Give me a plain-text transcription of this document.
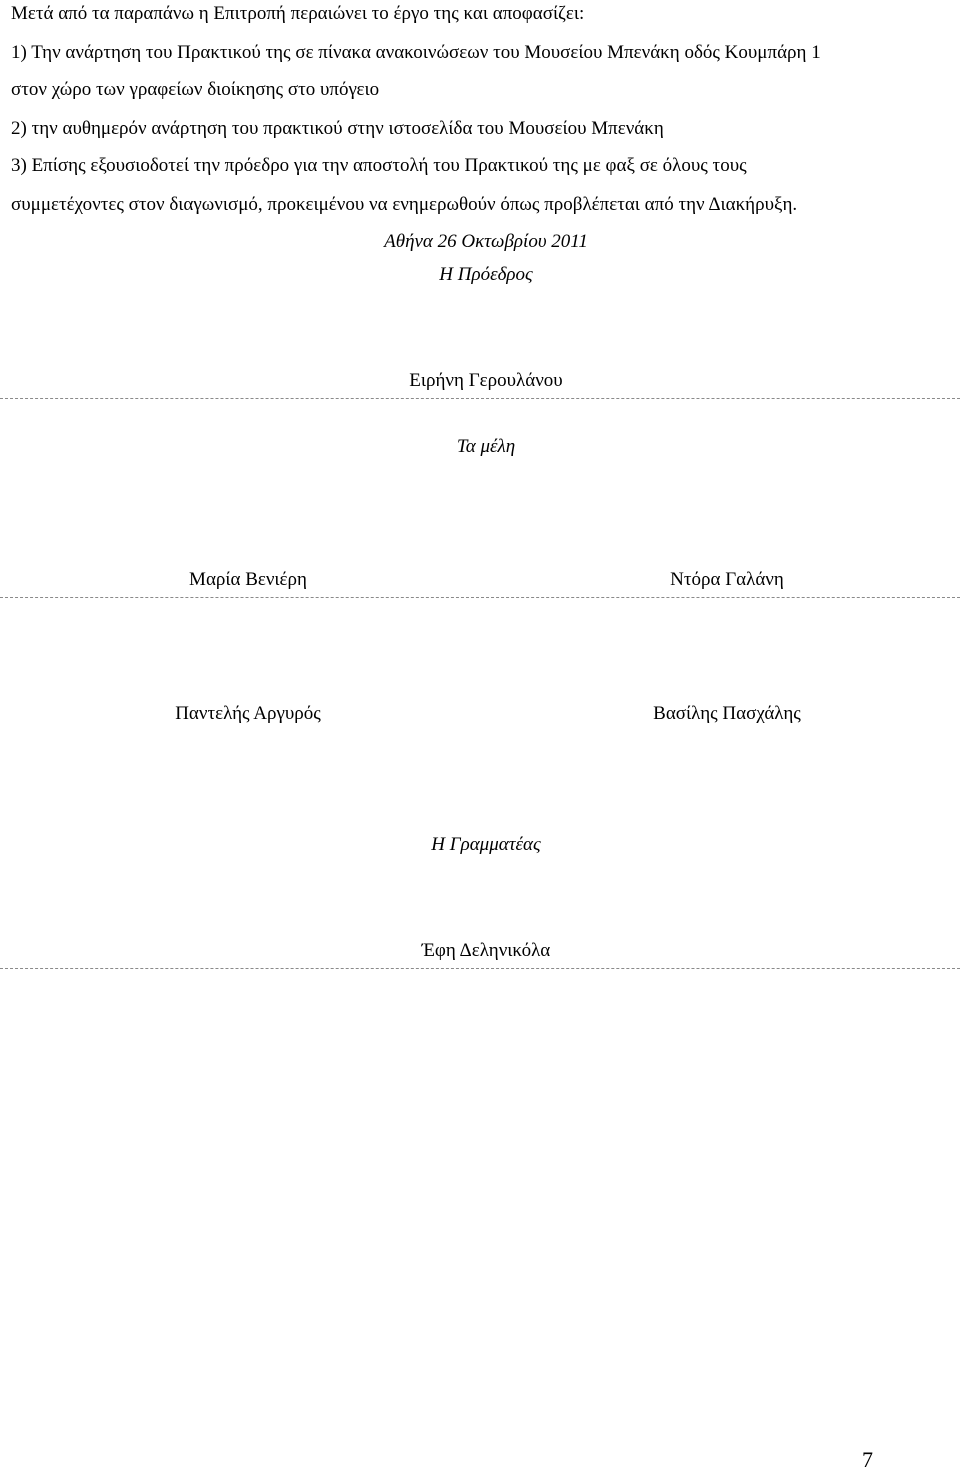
Μετά από τα παραπάνω η Επιτροπή περαιώνει το έργο της και αποφασίζει:
1) Την ανάρτηση του Πρακτικού της σε πίνακα ανακοινώσεων του Μουσείου Μπενάκη οδός Κουμπάρη 1
στον χώρο των γραφείων διοίκησης στο υπόγειο
2) την αυθημερόν ανάρτηση του πρακτικού στην ιστοσελίδα του Μουσείου Μπενάκη
3) Επίσης εξουσιοδοτεί την πρόεδρο για την αποστολή του Πρακτικού της με φαξ σε όλους τους
συμμετέχοντες στον διαγωνισμό, προκειμένου να ενημερωθούν όπως προβλέπεται από την Διακήρυξη.
Αθήνα 26 Οκτωβρίου 2011
Η Πρόεδρος
Ειρήνη Γερουλάνου
Τα μέλη
Μαρία Βενιέρη	Ντόρα Γαλάνη
Παντελής Αργυρός	Βασίλης Πασχάλης
Η Γραμματέας
Έφη Δεληνικόλα
7
